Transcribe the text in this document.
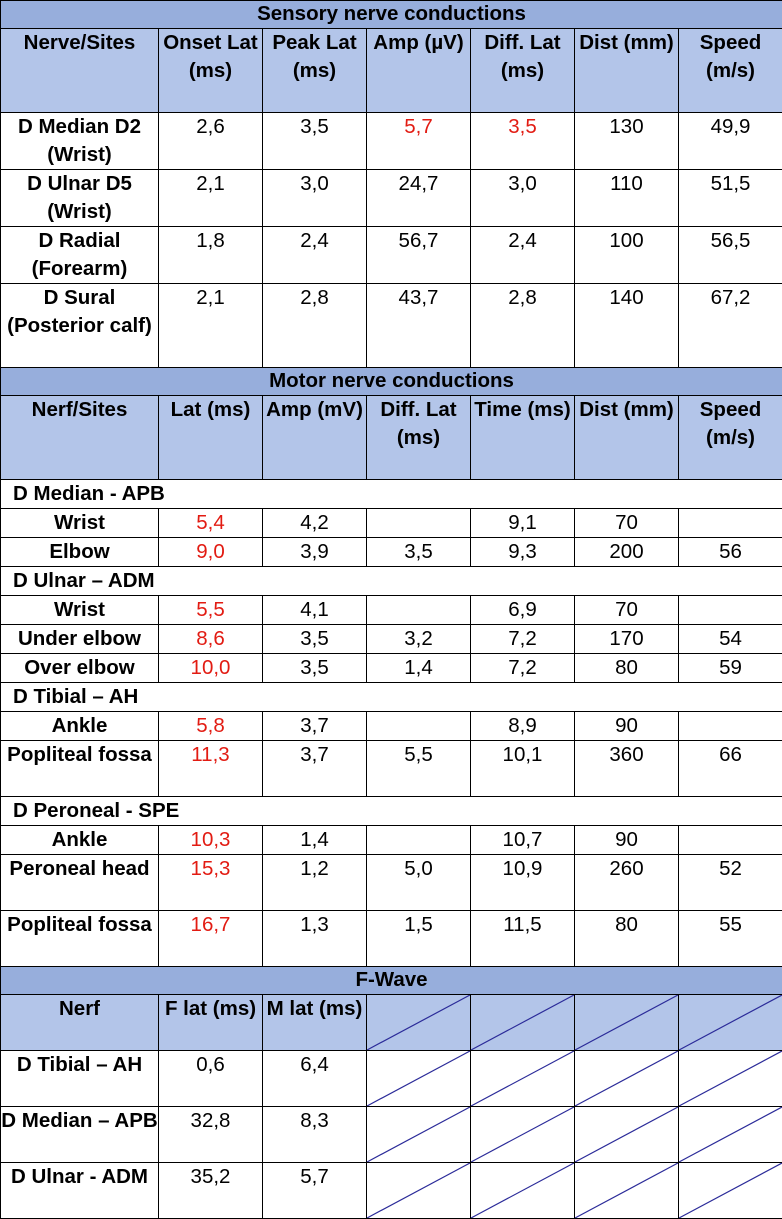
Sensory nerve conductions						
Nerve/Sites	Onset Lat (ms)	Peak Lat (ms)	Amp (µV)	Diff. Lat (ms)	Dist (mm)	Speed (m/s)
D Median D2 (Wrist)	2,6	3,5	5,7	3,5	130	49,9
D Ulnar D5 (Wrist)	2,1	3,0	24,7	3,0	110	51,5
D Radial (Forearm)	1,8	2,4	56,7	2,4	100	56,5
D Sural (Posterior calf)	2,1	2,8	43,7	2,8	140	67,2
Motor nerve conductions						
Nerf/Sites	Lat (ms)	Amp (mV)	Diff. Lat (ms)	Time (ms)	Dist (mm)	Speed (m/s)
D Median - APB						
Wrist	5,4	4,2		9,1	70	
Elbow	9,0	3,9	3,5	9,3	200	56
D Ulnar – ADM						
Wrist	5,5	4,1		6,9	70	
Under elbow	8,6	3,5	3,2	7,2	170	54
Over elbow	10,0	3,5	1,4	7,2	80	59
D Tibial – AH						
Ankle	5,8	3,7		8,9	90	
Popliteal fossa	11,3	3,7	5,5	10,1	360	66
D Peroneal - SPE						
Ankle	10,3	1,4		10,7	90	
Peroneal head	15,3	1,2	5,0	10,9	260	52
Popliteal fossa	16,7	1,3	1,5	11,5	80	55
F-Wave						
Nerf	F lat (ms)	M lat (ms)	

D Tibial – AH	0,6	6,4	

D Median – APB	32,8	8,3	

D Ulnar - ADM	35,2	5,7	
